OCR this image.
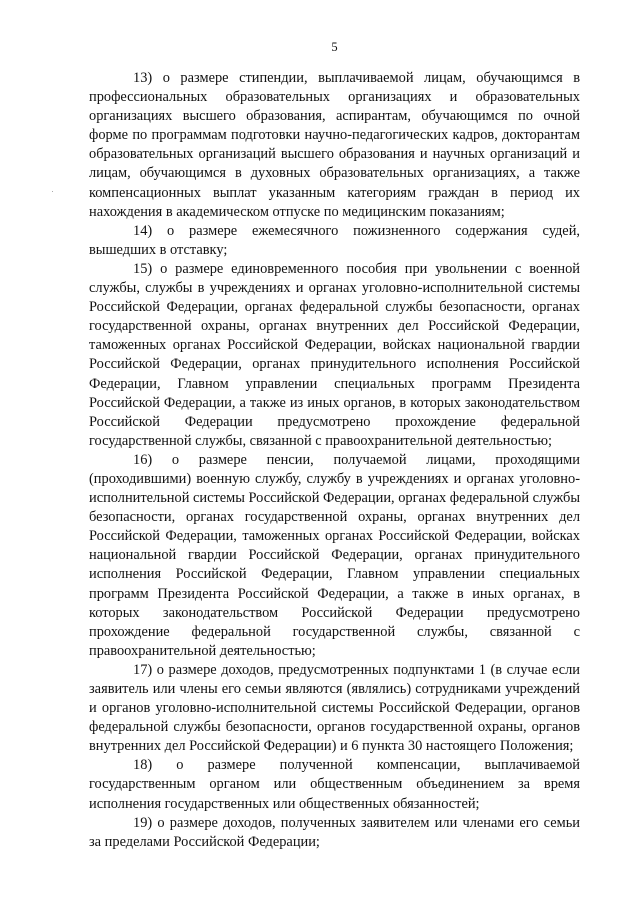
5

13) о размере стипендии, выплачиваемой лицам, обучающимся в профессиональных образовательных организациях и образовательных организациях высшего образования, аспирантам, обучающимся по очной форме по программам подготовки научно-педагогических кадров, докторантам образовательных организаций высшего образования и научных организаций и лицам, обучающимся в духовных образовательных организациях, а также компенсационных выплат указанным категориям граждан в период их нахождения в академическом отпуске по медицинским показаниям;

14) о размере ежемесячного пожизненного содержания судей, вышедших в отставку;

15) о размере единовременного пособия при увольнении с военной службы, службы в учреждениях и органах уголовно-исполнительной системы Российской Федерации, органах федеральной службы безопасности, органах государственной охраны, органах внутренних дел Российской Федерации, таможенных органах Российской Федерации, войсках национальной гвардии Российской Федерации, органах принудительного исполнения Российской Федерации, Главном управлении специальных программ Президента Российской Федерации, а также из иных органов, в которых законодательством Российской Федерации предусмотрено прохождение федеральной государственной службы, связанной с правоохранительной деятельностью;

16) о размере пенсии, получаемой лицами, проходящими (проходившими) военную службу, службу в учреждениях и органах уголовно-исполнительной системы Российской Федерации, органах федеральной службы безопасности, органах государственной охраны, органах внутренних дел Российской Федерации, таможенных органах Российской Федерации, войсках национальной гвардии Российской Федерации, органах принудительного исполнения Российской Федерации, Главном управлении специальных программ Президента Российской Федерации, а также в иных органах, в которых законодательством Российской Федерации предусмотрено прохождение федеральной государственной службы, связанной с правоохранительной деятельностью;

17) о размере доходов, предусмотренных подпунктами 1 (в случае если заявитель или члены его семьи являются (являлись) сотрудниками учреждений и органов уголовно-исполнительной системы Российской Федерации, органов федеральной службы безопасности, органов государственной охраны, органов внутренних дел Российской Федерации) и 6 пункта 30 настоящего Положения;

18) о размере полученной компенсации, выплачиваемой государственным органом или общественным объединением за время исполнения государственных или общественных обязанностей;

19) о размере доходов, полученных заявителем или членами его семьи за пределами Российской Федерации;
